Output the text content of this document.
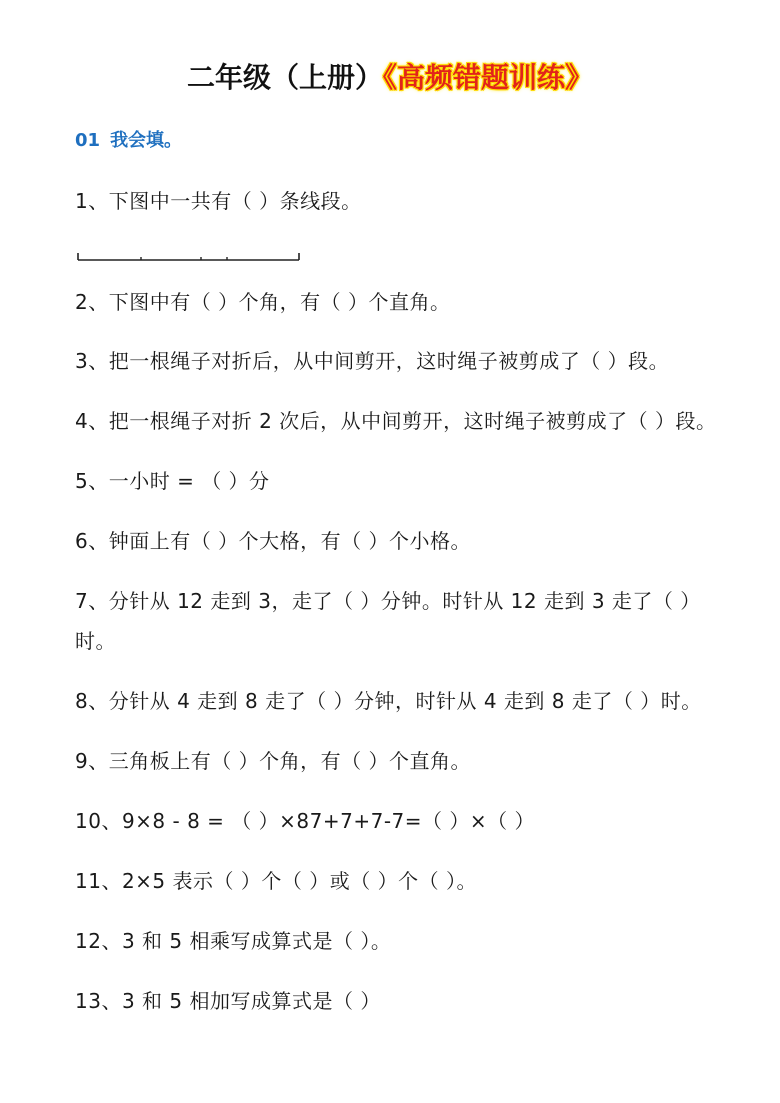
二年级（上册）《高频错题训练》
01 我会填。
1、下图中一共有（ ）条线段。
2、下图中有（ ）个角，有（ ）个直角。
3、把一根绳子对折后，从中间剪开，这时绳子被剪成了（ ）段。
4、把一根绳子对折 2 次后，从中间剪开，这时绳子被剪成了（ ）段。
5、一小时 = （ ）分
6、钟面上有（ ）个大格，有（ ）个小格。
7、分针从 12 走到 3，走了（ ）分钟。时针从 12 走到 3 走了（ ）
时。
8、分针从 4 走到 8 走了（ ）分钟，时针从 4 走到 8 走了（ ）时。
9、三角板上有（ ）个角，有（ ）个直角。
10、9×8 - 8 = （ ）×87+7+7-7=（ ）×（ ）
11、2×5 表示（ ）个（ ）或（ ）个（ ）。
12、3 和 5 相乘写成算式是（ ）。
13、3 和 5 相加写成算式是（ ）
